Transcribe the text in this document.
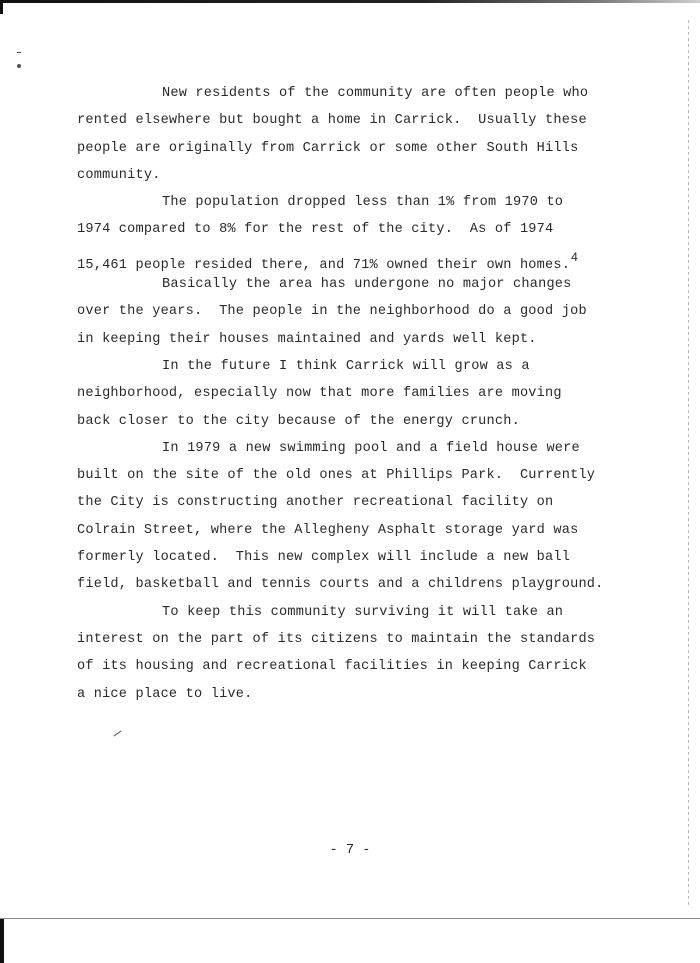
New residents of the community are often people who
rented elsewhere but bought a home in Carrick.  Usually these
people are originally from Carrick or some other South Hills
community.
The population dropped less than 1% from 1970 to
1974 compared to 8% for the rest of the city.  As of 1974
15,461 people resided there, and 71% owned their own homes.4
Basically the area has undergone no major changes
over the years.  The people in the neighborhood do a good job
in keeping their houses maintained and yards well kept.
In the future I think Carrick will grow as a
neighborhood, especially now that more families are moving
back closer to the city because of the energy crunch.
In 1979 a new swimming pool and a field house were
built on the site of the old ones at Phillips Park.  Currently
the City is constructing another recreational facility on
Colrain Street, where the Allegheny Asphalt storage yard was
formerly located.  This new complex will include a new ball
field, basketball and tennis courts and a childrens playground.
To keep this community surviving it will take an
interest on the part of its citizens to maintain the standards
of its housing and recreational facilities in keeping Carrick
a nice place to live.
- 7 -
